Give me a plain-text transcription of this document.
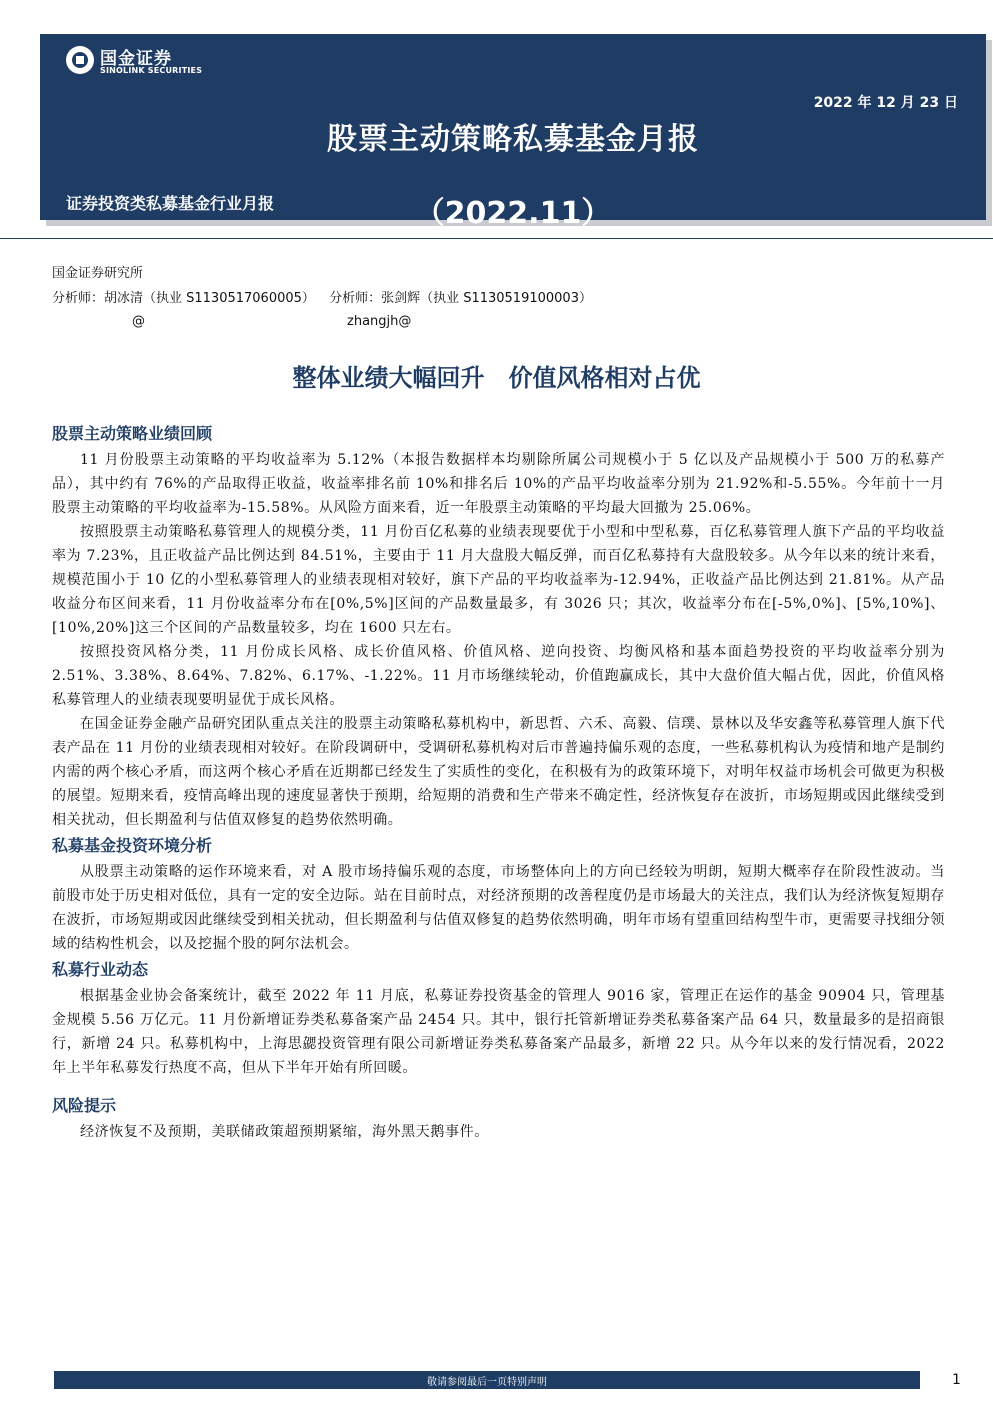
2022 年 12 月 23 日
股票主动策略私募基金月报
（2022.11）
证券投资类私募基金行业月报
国金证券
SINOLINK SECURITIES
国金证券研究所
分析师：胡冰清（执业 S1130517060005） 分析师：张剑辉（执业 S1130519100003）
@	zhangjh@
整体业绩大幅回升　价值风格相对占优
股票主动策略业绩回顾

11 月份股票主动策略的平均收益率为 5.12%（本报告数据样本均剔除所属公司规模小于 5 亿以及产品规模小于 500 万的私募产品），其中约有 76%的产品取得正收益，收益率排名前 10%和排名后 10%的产品平均收益率分别为 21.92%和-5.55%。今年前十一月股票主动策略的平均收益率为-15.58%。从风险方面来看，近一年股票主动策略的平均最大回撤为 25.06%。

按照股票主动策略私募管理人的规模分类，11 月份百亿私募的业绩表现要优于小型和中型私募，百亿私募管理人旗下产品的平均收益率为 7.23%，且正收益产品比例达到 84.51%，主要由于 11 月大盘股大幅反弹，而百亿私募持有大盘股较多。从今年以来的统计来看，规模范围小于 10 亿的小型私募管理人的业绩表现相对较好，旗下产品的平均收益率为-12.94%，正收益产品比例达到 21.81%。从产品收益分布区间来看，11 月份收益率分布在[0%,5%]区间的产品数量最多，有 3026 只；其次，收益率分布在[-5%,0%]、[5%,10%]、[10%,20%]这三个区间的产品数量较多，均在 1600 只左右。

按照投资风格分类，11 月份成长风格、成长价值风格、价值风格、逆向投资、均衡风格和基本面趋势投资的平均收益率分别为 2.51%、3.38%、8.64%、7.82%、6.17%、-1.22%。11 月市场继续轮动，价值跑赢成长，其中大盘价值大幅占优，因此，价值风格私募管理人的业绩表现要明显优于成长风格。

在国金证券金融产品研究团队重点关注的股票主动策略私募机构中，新思哲、六禾、高毅、信璞、景林以及华安鑫等私募管理人旗下代表产品在 11 月份的业绩表现相对较好。在阶段调研中，受调研私募机构对后市普遍持偏乐观的态度，一些私募机构认为疫情和地产是制约内需的两个核心矛盾，而这两个核心矛盾在近期都已经发生了实质性的变化，在积极有为的政策环境下，对明年权益市场机会可做更为积极的展望。短期来看，疫情高峰出现的速度显著快于预期，给短期的消费和生产带来不确定性，经济恢复存在波折，市场短期或因此继续受到相关扰动，但长期盈利与估值双修复的趋势依然明确。

私募基金投资环境分析

从股票主动策略的运作环境来看，对 A 股市场持偏乐观的态度，市场整体向上的方向已经较为明朗，短期大概率存在阶段性波动。当前股市处于历史相对低位，具有一定的安全边际。站在目前时点，对经济预期的改善程度仍是市场最大的关注点，我们认为经济恢复短期存在波折，市场短期或因此继续受到相关扰动，但长期盈利与估值双修复的趋势依然明确，明年市场有望重回结构型牛市，更需要寻找细分领域的结构性机会，以及挖掘个股的阿尔法机会。

私募行业动态

根据基金业协会备案统计，截至 2022 年 11 月底，私募证券投资基金的管理人 9016 家，管理正在运作的基金 90904 只，管理基金规模 5.56 万亿元。11 月份新增证券类私募备案产品 2454 只。其中，银行托管新增证券类私募备案产品 64 只，数量最多的是招商银行，新增 24 只。私募机构中，上海思勰投资管理有限公司新增证券类私募备案产品最多，新增 22 只。从今年以来的发行情况看，2022 年上半年私募发行热度不高，但从下半年开始有所回暖。

风险提示

经济恢复不及预期，美联储政策超预期紧缩，海外黑天鹅事件。

敬请参阅最后一页特别声明	1
